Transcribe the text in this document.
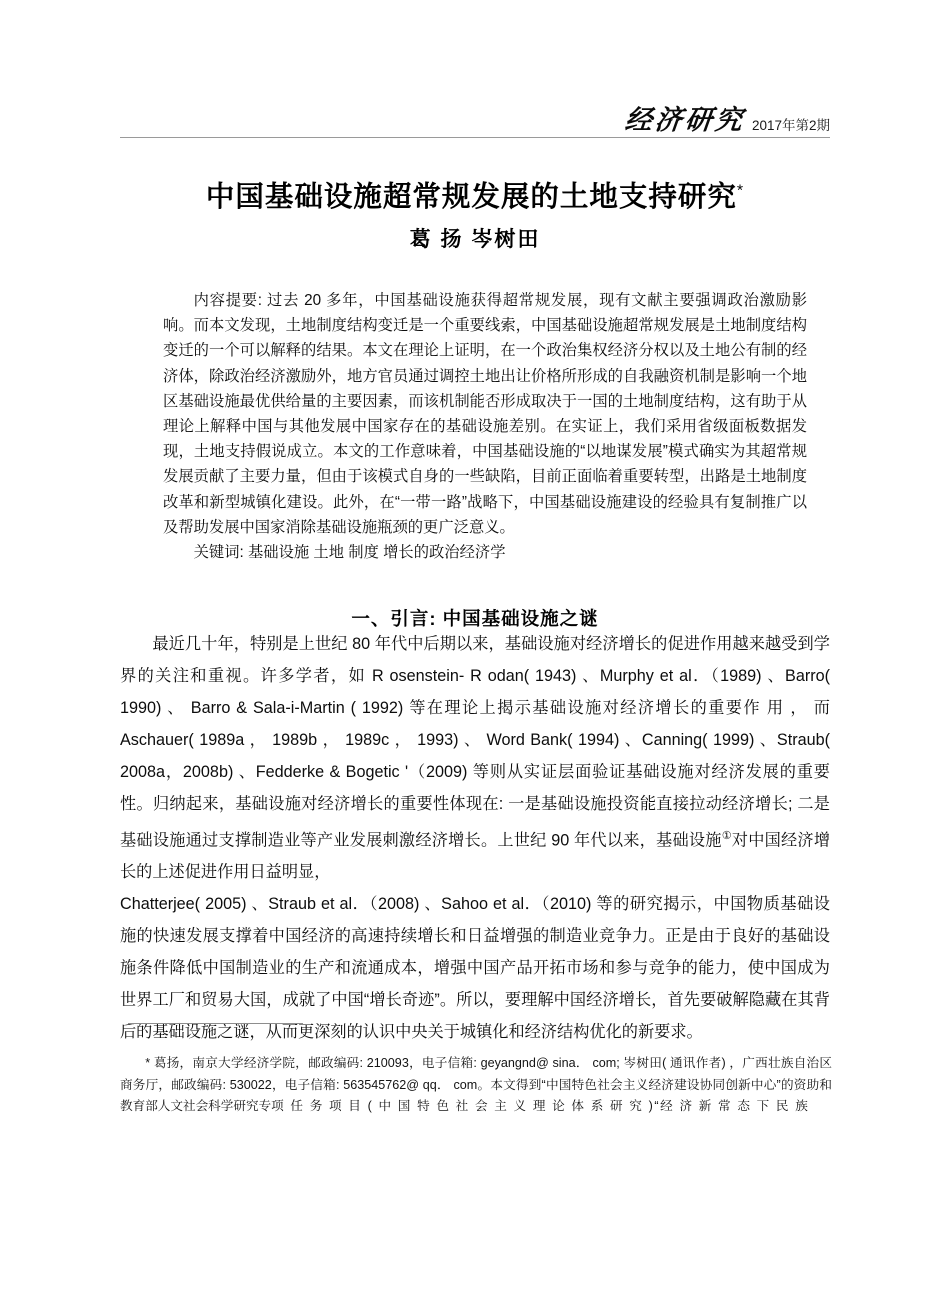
经济研究 2017年第2期
中国基础设施超常规发展的土地支持研究*
葛 扬 岑树田

内容提要: 过去 20 多年，中国基础设施获得超常规发展，现有文献主要强调政治激励影响。而本文发现，土地制度结构变迁是一个重要线索，中国基础设施超常规发展是土地制度结构变迁的一个可以解释的结果。本文在理论上证明，在一个政治集权经济分权以及土地公有制的经济体，除政治经济激励外，地方官员通过调控土地出让价格所形成的自我融资机制是影响一个地区基础设施最优供给量的主要因素，而该机制能否形成取决于一国的土地制度结构，这有助于从理论上解释中国与其他发展中国家存在的基础设施差别。在实证上，我们采用省级面板数据发现，土地支持假说成立。本文的工作意味着，中国基础设施的“以地谋发展”模式确实为其超常规发展贡献了主要力量，但由于该模式自身的一些缺陷，目前正面临着重要转型，出路是土地制度改革和新型城镇化建设。此外，在“一带一路”战略下，中国基础设施建设的经验具有复制推广以及帮助发展中国家消除基础设施瓶颈的更广泛意义。

关键词: 基础设施 土地 制度 增长的政治经济学

一、引言: 中国基础设施之谜

最近几十年，特别是上世纪 80 年代中后期以来，基础设施对经济增长的促进作用越来越受到学界的关注和重视。许多学者，如 R osenstein- R odan( 1943) 、Murphy et al．（1989) 、Barro( 1990) 、 Barro & Sala-i-Martin ( 1992) 等在理论上揭示基础设施对经济增长的重要作 用 ， 而 Aschauer( 1989a ， 1989b ， 1989c ， 1993) 、 Word Bank( 1994) 、Canning( 1999) 、Straub( 2008a，2008b) 、Fedderke & Bogetic '（2009) 等则从实证层面验证基础设施对经济发展的重要性。归纳起来，基础设施对经济增长的重要性体现在: 一是基础设施投资能直接拉动经济增长; 二是基础设施通过支撑制造业等产业发展刺激经济增长。上世纪 90 年代以来，基础设施①对中国经济增长的上述促进作用日益明显，

Chatterjee( 2005) 、Straub et al．（2008) 、Sahoo et al．（2010) 等的研究揭示，中国物质基础设施的快速发展支撑着中国经济的高速持续增长和日益增强的制造业竞争力。正是由于良好的基础设施条件降低中国制造业的生产和流通成本，增强中国产品开拓市场和参与竞争的能力，使中国成为世界工厂和贸易大国，成就了中国“增长奇迹”。所以，要理解中国经济增长，首先要破解隐藏在其背后的基础设施之谜，从而更深刻的认识中央关于城镇化和经济结构优化的新要求。

* 葛扬，南京大学经济学院，邮政编码: 210093，电子信箱: geyangnd@ sina． com; 岑树田( 通讯作者) ，广西壮族自治区商务厅，邮政编码: 530022，电子信箱: 563545762@ qq． com。本文得到“中国特色社会主义经济建设协同创新中心”的资助和教育部人文社会科学研究专项 任 务 项 目 ( 中 国 特 色 社 会 主 义 理 论 体 系 研 究 )“经 济 新 常 态 下 民 族
